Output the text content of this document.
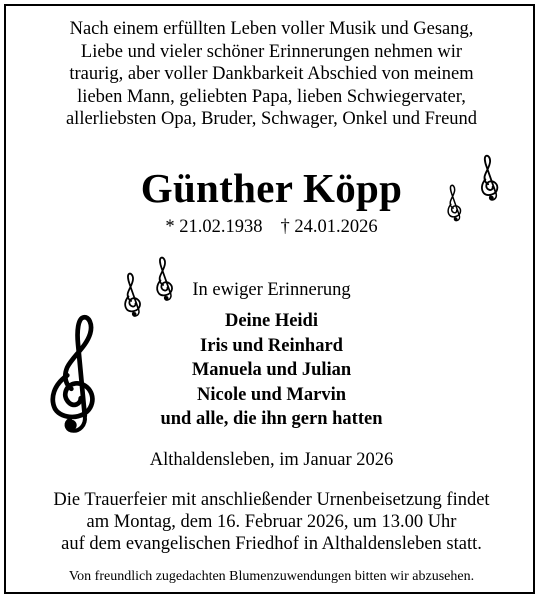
Nach einem erfüllten Leben voller Musik und Gesang,
Liebe und vieler schöner Erinnerungen nehmen wir
traurig, aber voller Dankbarkeit Abschied von meinem
lieben Mann, geliebten Papa, lieben Schwiegervater,
allerliebsten Opa, Bruder, Schwager, Onkel und Freund

Günther Köpp

* 21.02.1938 † 24.01.2026

In ewiger Erinnerung

Deine Heidi
Iris und Reinhard
Manuela und Julian
Nicole und Marvin
und alle, die ihn gern hatten

Althaldensleben, im Januar 2026

Die Trauerfeier mit anschließender Urnenbeisetzung findet
am Montag, dem 16. Februar 2026, um 13.00 Uhr
auf dem evangelischen Friedhof in Althaldensleben statt.

Von freundlich zugedachten Blumenzuwendungen bitten wir abzusehen.
